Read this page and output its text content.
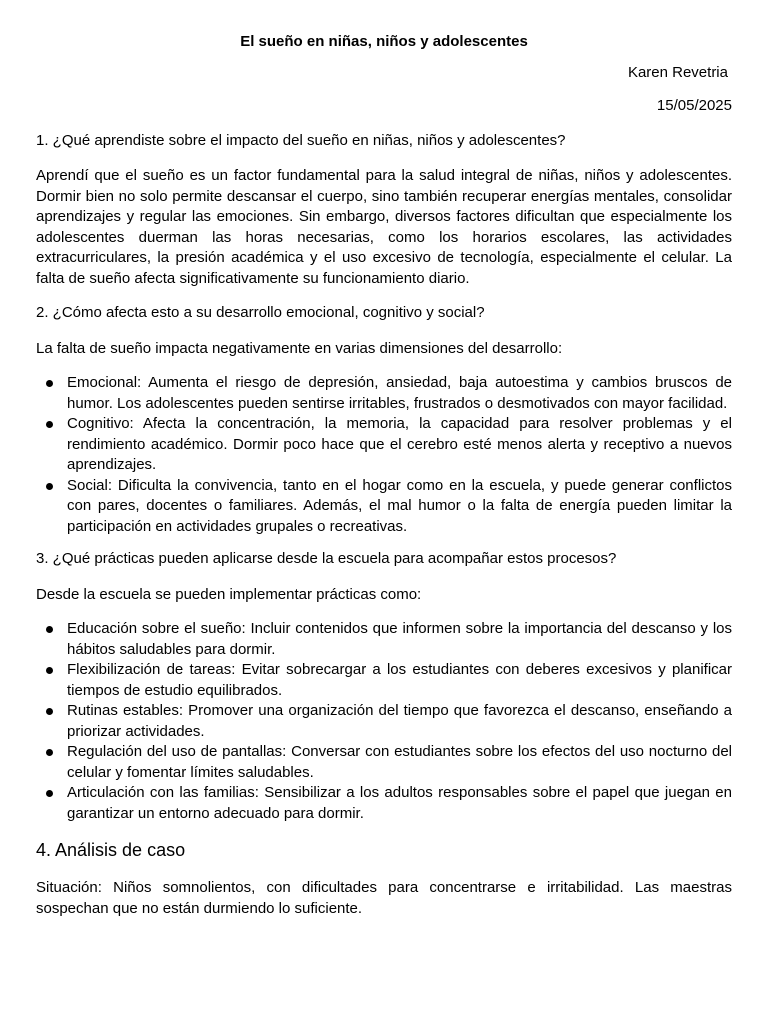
El sueño en niñas, niños y adolescentes
Karen Revetria
15/05/2025

1. ¿Qué aprendiste sobre el impacto del sueño en niñas, niños y adolescentes?

Aprendí que el sueño es un factor fundamental para la salud integral de niñas, niños y adolescentes. Dormir bien no solo permite descansar el cuerpo, sino también recuperar energías mentales, consolidar aprendizajes y regular las emociones. Sin embargo, diversos factores dificultan que especialmente los adolescentes duerman las horas necesarias, como los horarios escolares, las actividades extracurriculares, la presión académica y el uso excesivo de tecnología, especialmente el celular. La falta de sueño afecta significativamente su funcionamiento diario.

2. ¿Cómo afecta esto a su desarrollo emocional, cognitivo y social?

La falta de sueño impacta negativamente en varias dimensiones del desarrollo:

Emocional: Aumenta el riesgo de depresión, ansiedad, baja autoestima y cambios bruscos de humor. Los adolescentes pueden sentirse irritables, frustrados o desmotivados con mayor facilidad.
Cognitivo: Afecta la concentración, la memoria, la capacidad para resolver problemas y el rendimiento académico. Dormir poco hace que el cerebro esté menos alerta y receptivo a nuevos aprendizajes.
Social: Dificulta la convivencia, tanto en el hogar como en la escuela, y puede generar conflictos con pares, docentes o familiares. Además, el mal humor o la falta de energía pueden limitar la participación en actividades grupales o recreativas.

3. ¿Qué prácticas pueden aplicarse desde la escuela para acompañar estos procesos?

Desde la escuela se pueden implementar prácticas como:

Educación sobre el sueño: Incluir contenidos que informen sobre la importancia del descanso y los hábitos saludables para dormir.
Flexibilización de tareas: Evitar sobrecargar a los estudiantes con deberes excesivos y planificar tiempos de estudio equilibrados.
Rutinas estables: Promover una organización del tiempo que favorezca el descanso, enseñando a priorizar actividades.
Regulación del uso de pantallas: Conversar con estudiantes sobre los efectos del uso nocturno del celular y fomentar límites saludables.
Articulación con las familias: Sensibilizar a los adultos responsables sobre el papel que juegan en garantizar un entorno adecuado para dormir.
4. Análisis de caso

Situación: Niños somnolientos, con dificultades para concentrarse e irritabilidad. Las maestras sospechan que no están durmiendo lo suficiente.
